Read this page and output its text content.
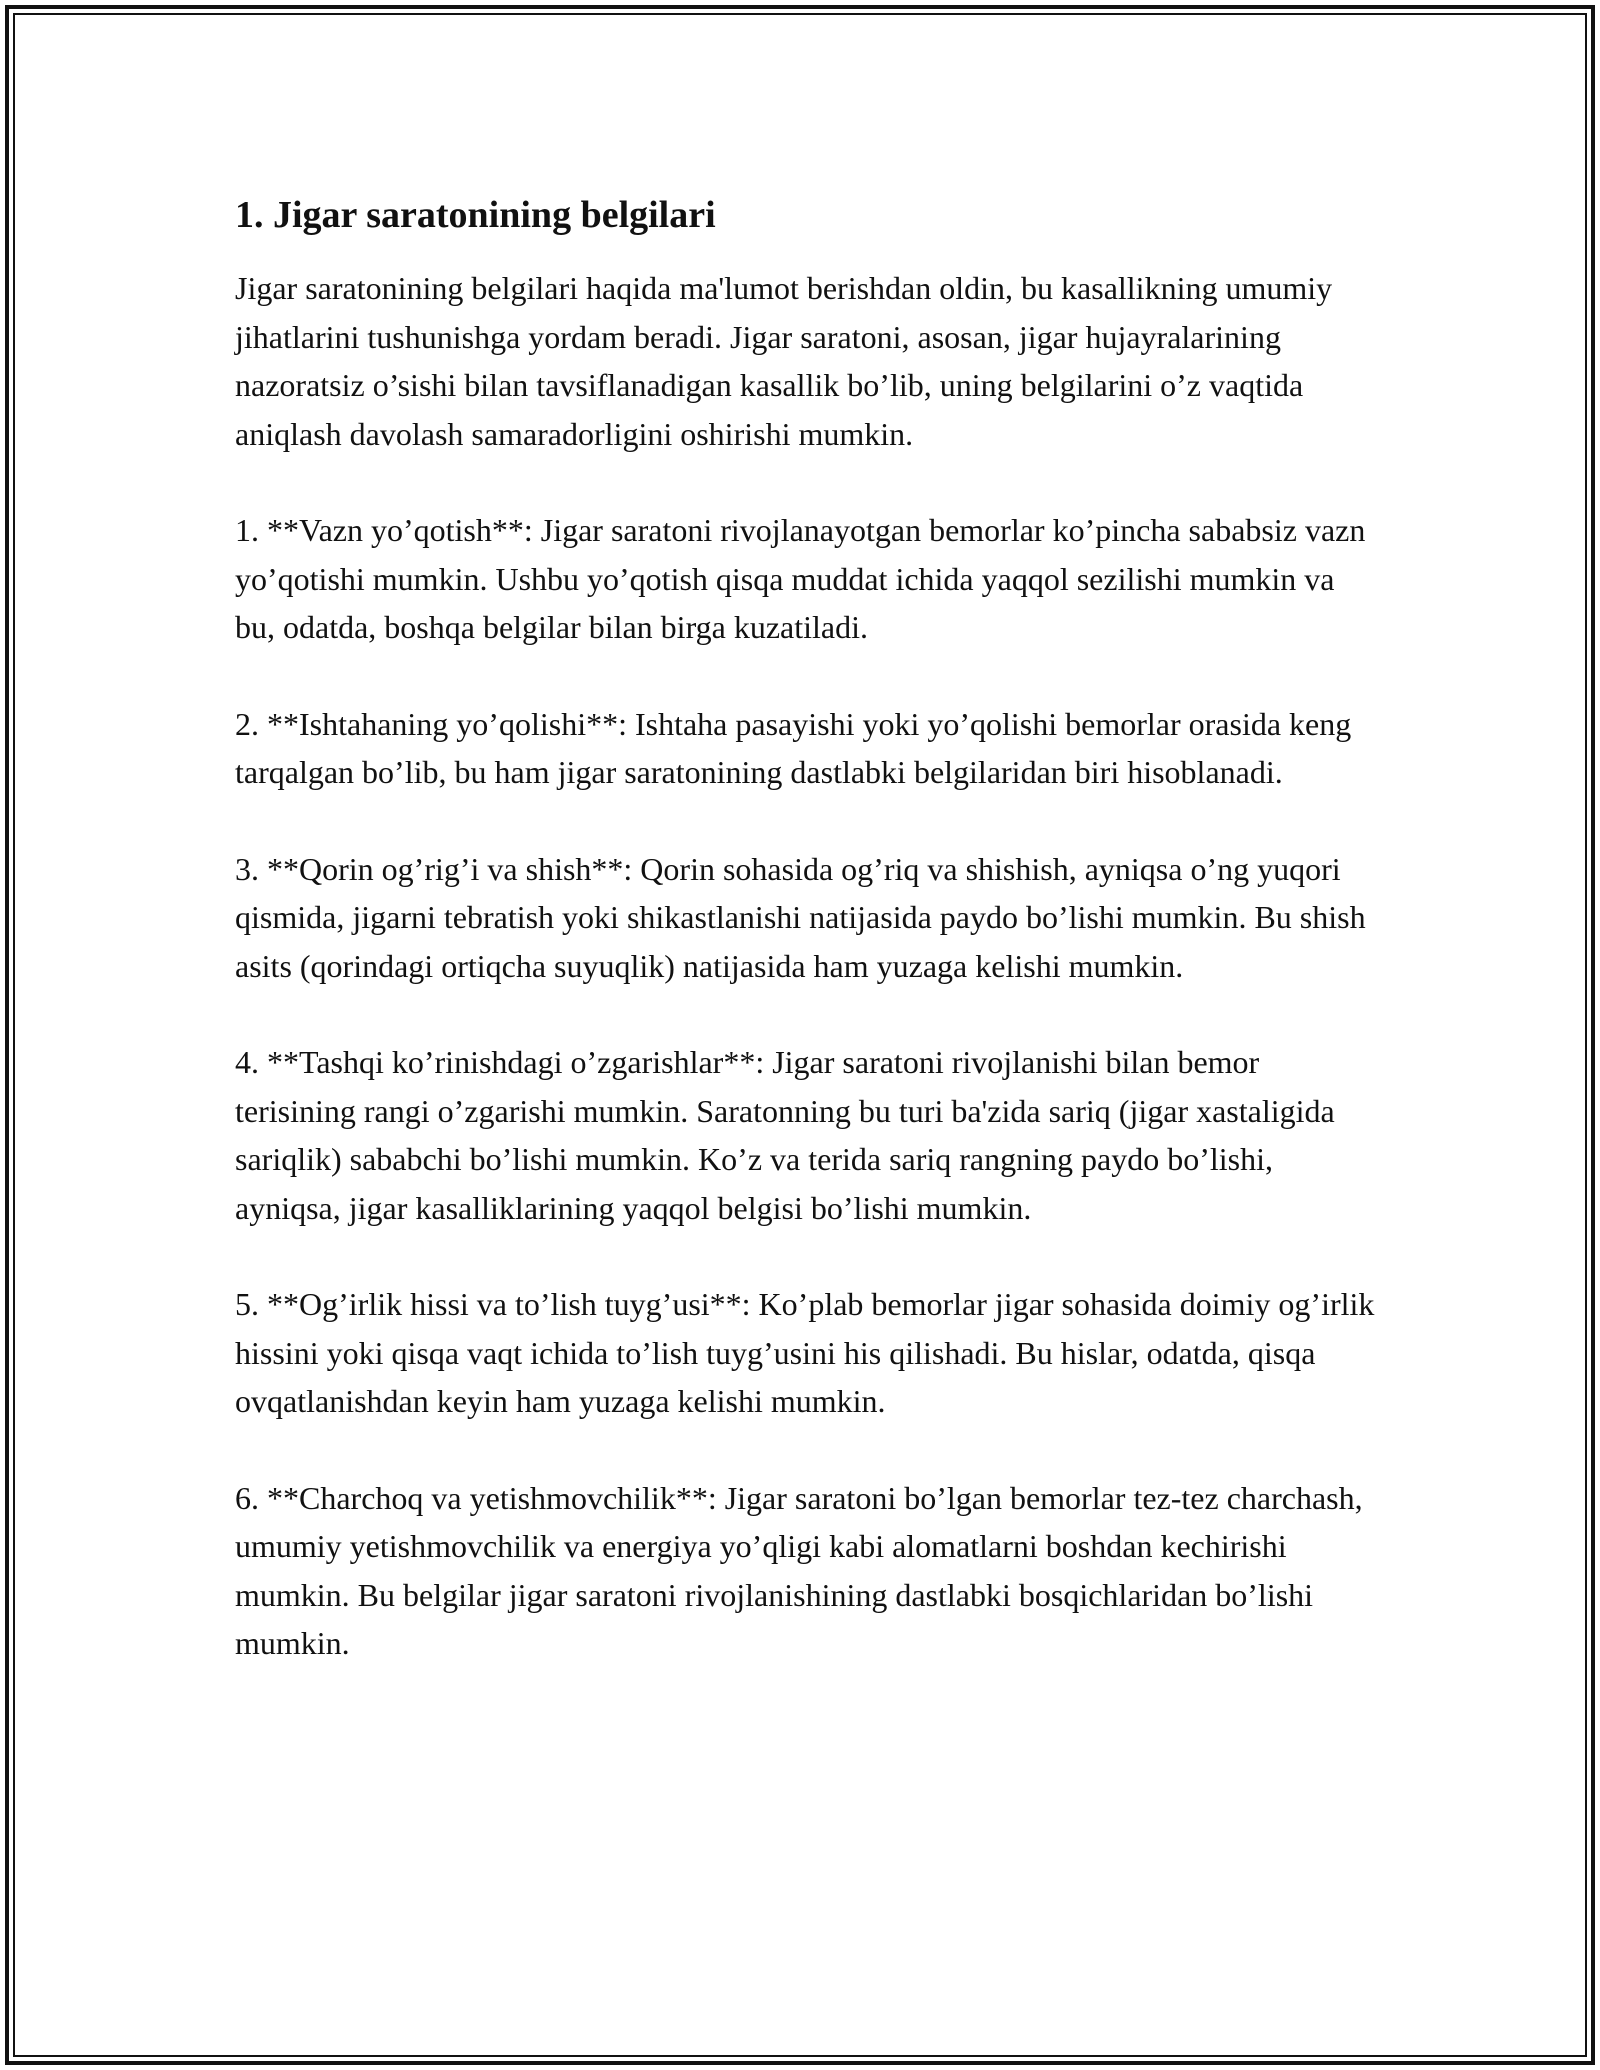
1. Jigar saratonining belgilari

Jigar saratonining belgilari haqida ma'lumot berishdan oldin, bu kasallikning umumiy jihatlarini tushunishga yordam beradi. Jigar saratoni, asosan, jigar hujayralarining nazoratsiz o’sishi bilan tavsiflanadigan kasallik bo’lib, uning belgilarini o’z vaqtida aniqlash davolash samaradorligini oshirishi mumkin.

1. **Vazn yo’qotish**: Jigar saratoni rivojlanayotgan bemorlar ko’pincha sababsiz vazn yo’qotishi mumkin. Ushbu yo’qotish qisqa muddat ichida yaqqol sezilishi mumkin va bu, odatda, boshqa belgilar bilan birga kuzatiladi.

2. **Ishtahaning yo’qolishi**: Ishtaha pasayishi yoki yo’qolishi bemorlar orasida keng tarqalgan bo’lib, bu ham jigar saratonining dastlabki belgilaridan biri hisoblanadi.

3. **Qorin og’rig’i va shish**: Qorin sohasida og’riq va shishish, ayniqsa o’ng yuqori qismida, jigarni tebratish yoki shikastlanishi natijasida paydo bo’lishi mumkin. Bu shish asits (qorindagi ortiqcha suyuqlik) natijasida ham yuzaga kelishi mumkin.

4. **Tashqi ko’rinishdagi o’zgarishlar**: Jigar saratoni rivojlanishi bilan bemor terisining rangi o’zgarishi mumkin. Saratonning bu turi ba'zida sariq (jigar xastaligida sariqlik) sababchi bo’lishi mumkin. Ko’z va terida sariq rangning paydo bo’lishi, ayniqsa, jigar kasalliklarining yaqqol belgisi bo’lishi mumkin.

5. **Og’irlik hissi va to’lish tuyg’usi**: Ko’plab bemorlar jigar sohasida doimiy og’irlik hissini yoki qisqa vaqt ichida to’lish tuyg’usini his qilishadi. Bu hislar, odatda, qisqa ovqatlanishdan keyin ham yuzaga kelishi mumkin.

6. **Charchoq va yetishmovchilik**: Jigar saratoni bo’lgan bemorlar tez-tez charchash, umumiy yetishmovchilik va energiya yo’qligi kabi alomatlarni boshdan kechirishi mumkin. Bu belgilar jigar saratoni rivojlanishining dastlabki bosqichlaridan bo’lishi mumkin.
